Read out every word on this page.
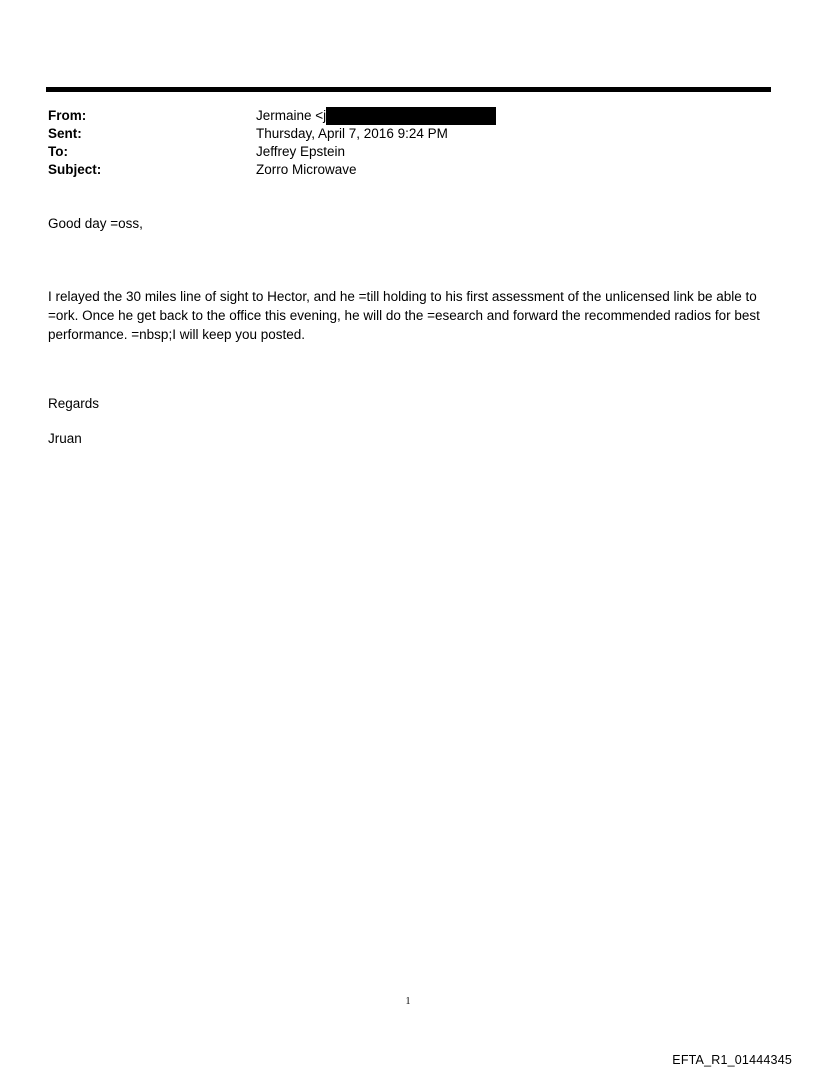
From:	Jermaine <j
Sent:	Thursday, April 7, 2016 9:24 PM
To:	Jeffrey Epstein
Subject:	Zorro Microwave
Good day =oss,
I relayed the 30 miles line of sight to Hector, and he =till holding to his first assessment of the unlicensed link be able to =ork. Once he get back to the office this evening, he will do the =esearch and forward the recommended radios for best performance. =nbsp;I will keep you posted.
Regards
Jruan
1
EFTA_R1_01444345
